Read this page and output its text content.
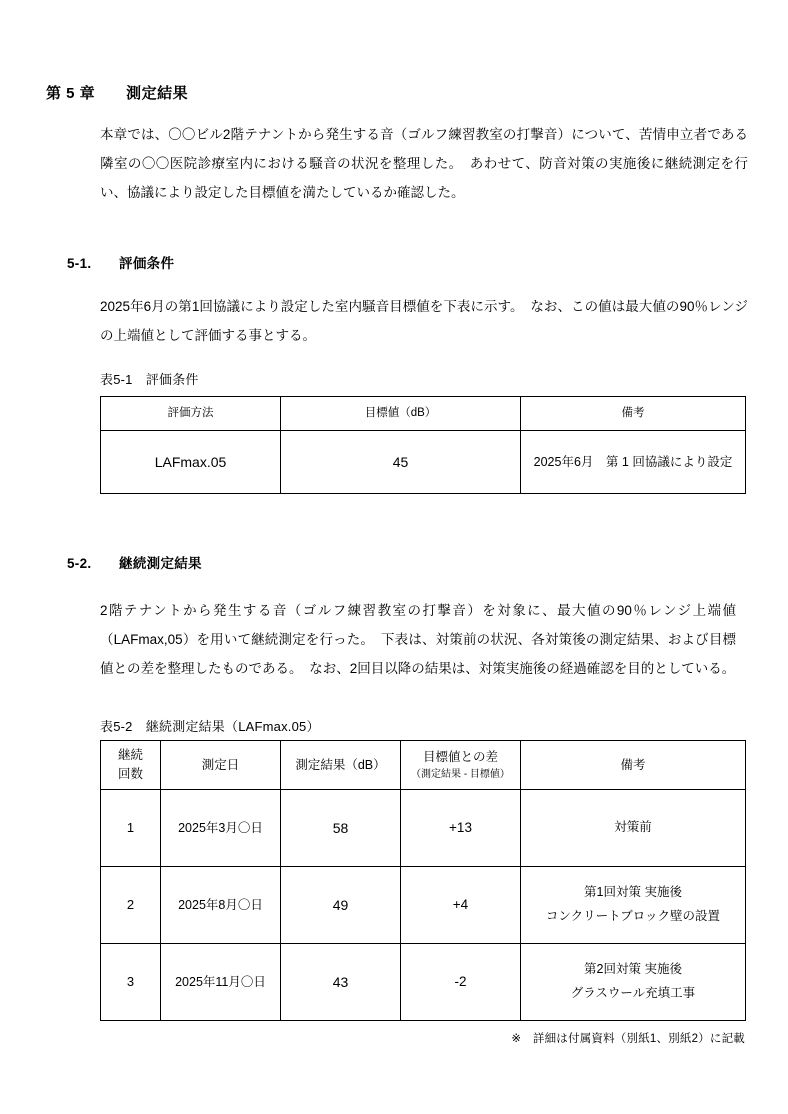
第 5 章　　測定結果
本章では、〇〇ビル2階テナントから発生する音（ゴルフ練習教室の打撃音）について、苦情申立者である隣室の〇〇医院診療室内における騒音の状況を整理した。　あわせて、防音対策の実施後に継続測定を行い、協議により設定した目標値を満たしているか確認した。
5-1.　　評価条件
2025年6月の第1回協議により設定した室内騒音目標値を下表に示す。　なお、この値は最大値の90％レンジの上端値として評価する事とする。
表5-1　評価条件
評価方法	目標値（dB）	備考
LAFmax.05	45	2025年6月　第 1 回協議により設定
5-2.　　継続測定結果
2階テナントから発生する音（ゴルフ練習教室の打撃音）を対象に、最大値の90％レンジ上端値（LAFmax,05）を用いて継続測定を行った。　下表は、対策前の状況、各対策後の測定結果、および目標値との差を整理したものである。　なお、2回目以降の結果は、対策実施後の経過確認を目的としている。
表5-2　継続測定結果（LAFmax.05）
継続
回数	測定日	測定結果（dB）	目標値との差
（測定結果 - 目標値）	備考
1	2025年3月〇日	58	+13	対策前
2	2025年8月〇日	49	+4	第1回対策 実施後
コンクリートブロック壁の設置
3	2025年11月〇日	43	-2	第2回対策 実施後
グラスウール充填工事
※　詳細は付属資料（別紙1、別紙2）に記載
